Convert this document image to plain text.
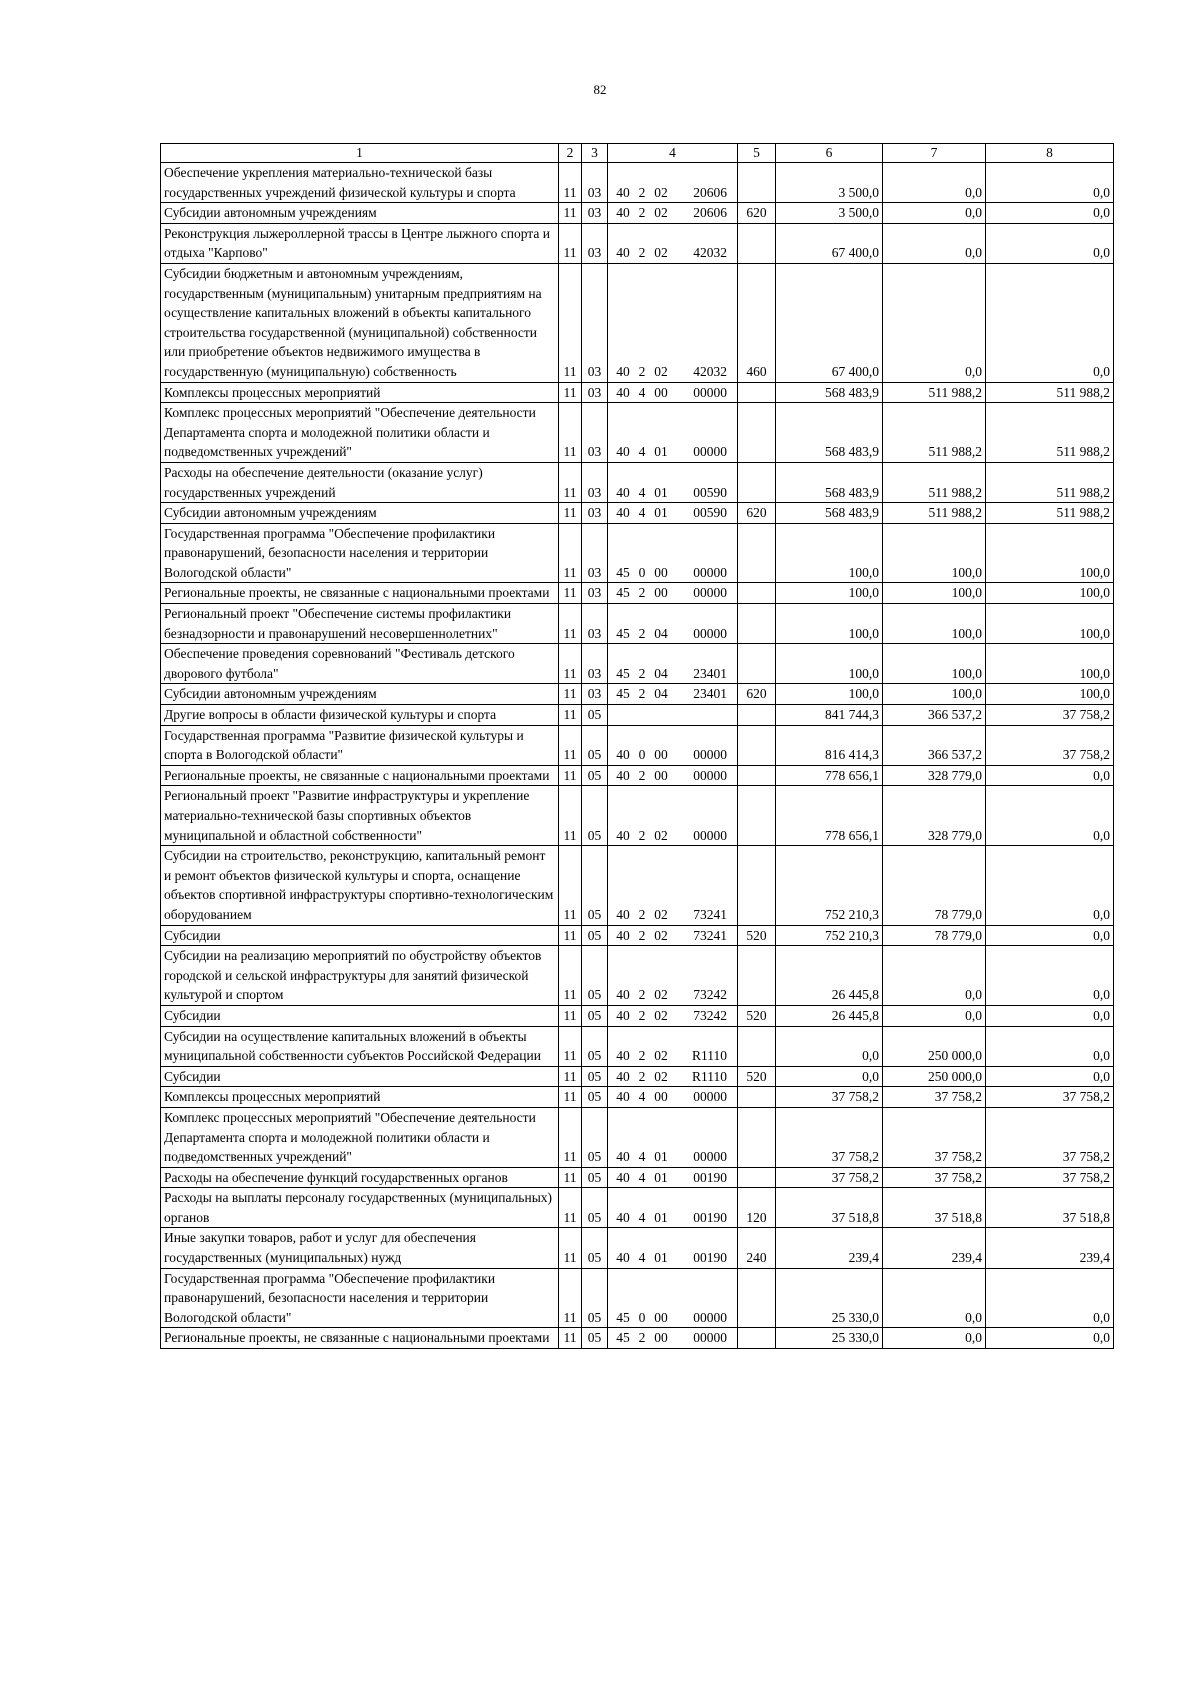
82
1	2	3	4	5	6	7	8
Обеспечение укрепления материально-технической базы государственных учреждений физической культуры и спорта	11	03	40 2 02 20606		3 500,0	0,0	0,0
Субсидии автономным учреждениям	11	03	40 2 02 20606	620	3 500,0	0,0	0,0
Реконструкция лыжероллерной трассы в Центре лыжного спорта и отдыха "Карпово"	11	03	40 2 02 42032		67 400,0	0,0	0,0
Субсидии бюджетным и автономным учреждениям, государственным (муниципальным) унитарным предприятиям на осуществление капитальных вложений в объекты капитального строительства государственной (муниципальной) собственности или приобретение объектов недвижимого имущества в государственную (муниципальную) собственность	11	03	40 2 02 42032	460	67 400,0	0,0	0,0
Комплексы процессных мероприятий	11	03	40 4 00 00000		568 483,9	511 988,2	511 988,2
Комплекс процессных мероприятий "Обеспечение деятельности Департамента спорта и молодежной политики области и подведомственных учреждений"	11	03	40 4 01 00000		568 483,9	511 988,2	511 988,2
Расходы на обеспечение деятельности (оказание услуг) государственных учреждений	11	03	40 4 01 00590		568 483,9	511 988,2	511 988,2
Субсидии автономным учреждениям	11	03	40 4 01 00590	620	568 483,9	511 988,2	511 988,2
Государственная программа "Обеспечение профилактики правонарушений, безопасности населения и территории Вологодской области"	11	03	45 0 00 00000		100,0	100,0	100,0
Региональные проекты, не связанные с национальными проектами	11	03	45 2 00 00000		100,0	100,0	100,0
Региональный проект "Обеспечение системы профилактики безнадзорности и правонарушений несовершеннолетних"	11	03	45 2 04 00000		100,0	100,0	100,0
Обеспечение проведения соревнований "Фестиваль детского дворового футбола"	11	03	45 2 04 23401		100,0	100,0	100,0
Субсидии автономным учреждениям	11	03	45 2 04 23401	620	100,0	100,0	100,0
Другие вопросы в области физической культуры и спорта	11	05			841 744,3	366 537,2	37 758,2
Государственная программа "Развитие физической культуры и спорта в Вологодской области"	11	05	40 0 00 00000		816 414,3	366 537,2	37 758,2
Региональные проекты, не связанные с национальными проектами	11	05	40 2 00 00000		778 656,1	328 779,0	0,0
Региональный проект "Развитие инфраструктуры и укрепление материально-технической базы спортивных объектов муниципальной и областной собственности"	11	05	40 2 02 00000		778 656,1	328 779,0	0,0
Субсидии на строительство, реконструкцию, капитальный ремонт и ремонт объектов физической культуры и спорта, оснащение объектов спортивной инфраструктуры спортивно-технологическим оборудованием	11	05	40 2 02 73241		752 210,3	78 779,0	0,0
Субсидии	11	05	40 2 02 73241	520	752 210,3	78 779,0	0,0
Субсидии на реализацию мероприятий по обустройству объектов городской и сельской инфраструктуры для занятий физической культурой и спортом	11	05	40 2 02 73242		26 445,8	0,0	0,0
Субсидии	11	05	40 2 02 73242	520	26 445,8	0,0	0,0
Субсидии на осуществление капитальных вложений в объекты муниципальной собственности субъектов Российской Федерации	11	05	40 2 02 R1110		0,0	250 000,0	0,0
Субсидии	11	05	40 2 02 R1110	520	0,0	250 000,0	0,0
Комплексы процессных мероприятий	11	05	40 4 00 00000		37 758,2	37 758,2	37 758,2
Комплекс процессных мероприятий "Обеспечение деятельности Департамента спорта и молодежной политики области и подведомственных учреждений"	11	05	40 4 01 00000		37 758,2	37 758,2	37 758,2
Расходы на обеспечение функций государственных органов	11	05	40 4 01 00190		37 758,2	37 758,2	37 758,2
Расходы на выплаты персоналу государственных (муниципальных) органов	11	05	40 4 01 00190	120	37 518,8	37 518,8	37 518,8
Иные закупки товаров, работ и услуг для обеспечения государственных (муниципальных) нужд	11	05	40 4 01 00190	240	239,4	239,4	239,4
Государственная программа "Обеспечение профилактики правонарушений, безопасности населения и территории Вологодской области"	11	05	45 0 00 00000		25 330,0	0,0	0,0
Региональные проекты, не связанные с национальными проектами	11	05	45 2 00 00000		25 330,0	0,0	0,0
